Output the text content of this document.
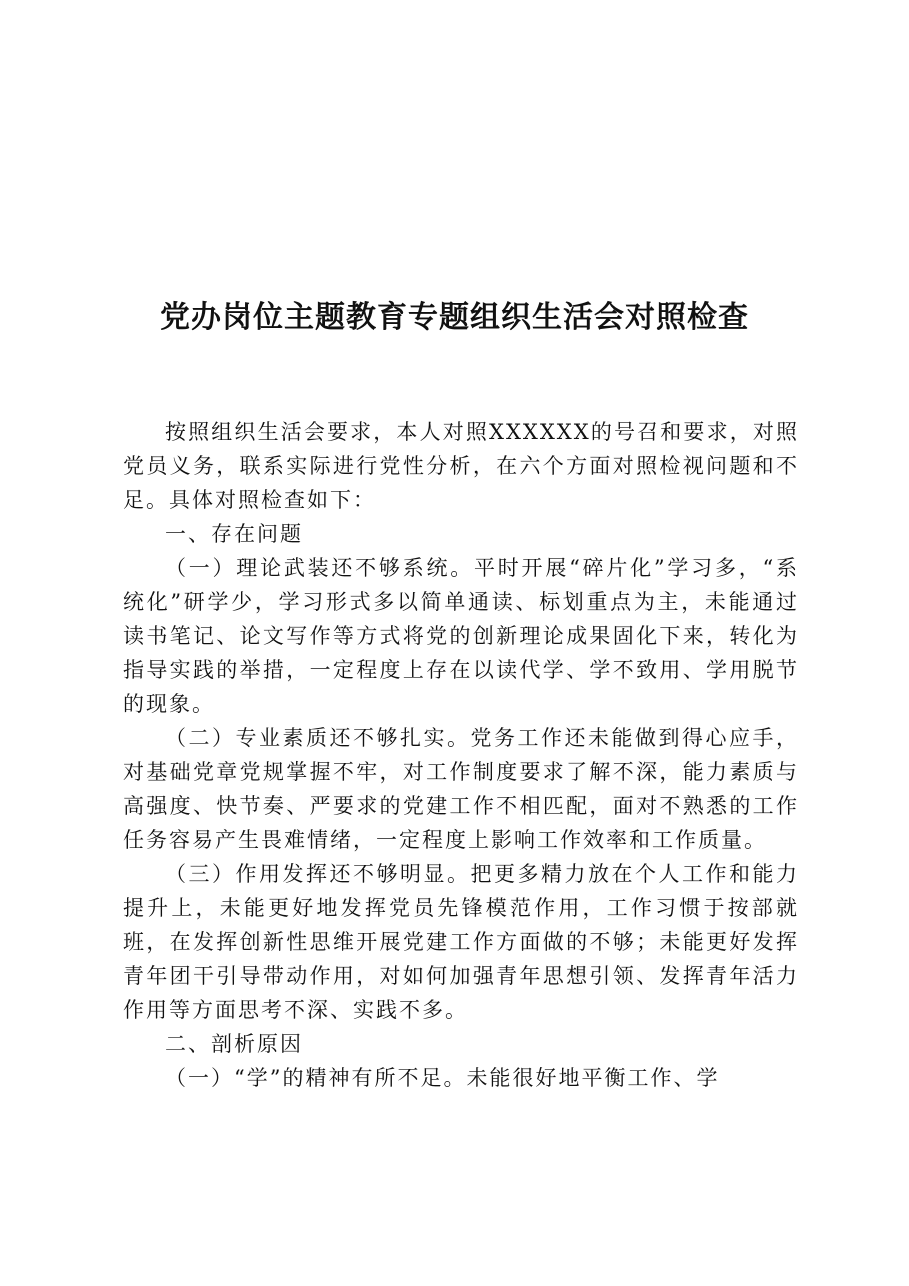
党办岗位主题教育专题组织生活会对照检查

按照组织生活会要求，本人对照XXXXXX的号召和要求，对照党员义务，联系实际进行党性分析，在六个方面对照检视问题和不足。具体对照检查如下：

一、存在问题

（一）理论武装还不够系统。平时开展“碎片化”学习多，“系统化”研学少，学习形式多以简单通读、标划重点为主，未能通过读书笔记、论文写作等方式将党的创新理论成果固化下来，转化为指导实践的举措，一定程度上存在以读代学、学不致用、学用脱节的现象。

（二）专业素质还不够扎实。党务工作还未能做到得心应手，对基础党章党规掌握不牢，对工作制度要求了解不深，能力素质与高强度、快节奏、严要求的党建工作不相匹配，面对不熟悉的工作任务容易产生畏难情绪，一定程度上影响工作效率和工作质量。

（三）作用发挥还不够明显。把更多精力放在个人工作和能力提升上，未能更好地发挥党员先锋模范作用，工作习惯于按部就班，在发挥创新性思维开展党建工作方面做的不够；未能更好发挥青年团干引导带动作用，对如何加强青年思想引领、发挥青年活力作用等方面思考不深、实践不多。

二、剖析原因

（一）“学”的精神有所不足。未能很好地平衡工作、学
